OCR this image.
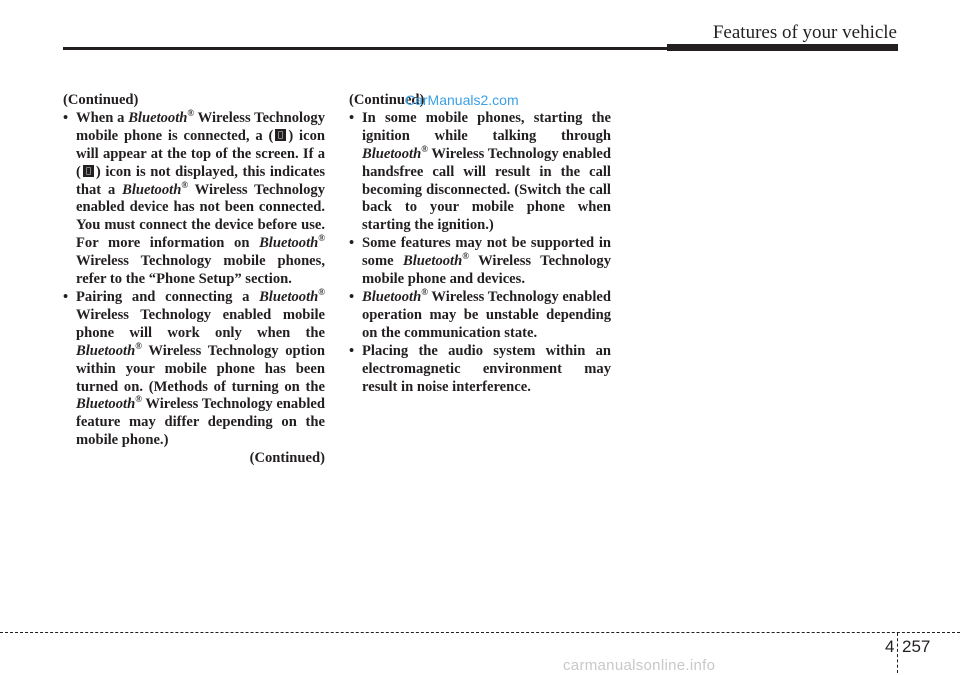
Features of your vehicle

(Continued)

• When a Bluetooth® Wireless Technology mobile phone is connected, a ( ) icon will appear at the top of the screen. If a ( ) icon is not displayed, this indicates that a Bluetooth® Wireless Technology enabled device has not been connected. You must connect the device before use. For more information on Bluetooth® Wireless Technology mobile phones, refer to the “Phone Setup” section.

• Pairing and connecting a Bluetooth® Wireless Technology enabled mobile phone will work only when the Bluetooth® Wireless Technology option within your mobile phone has been turned on. (Methods of turning on the Bluetooth® Wireless Technology enabled feature may differ depending on the mobile phone.)

(Continued)

(Continued)

• In some mobile phones, starting the ignition while talking through Bluetooth® Wireless Technology enabled handsfree call will result in the call becoming disconnected. (Switch the call back to your mobile phone when starting the ignition.)

• Some features may not be supported in some Bluetooth® Wireless Technology mobile phone and devices.

• Bluetooth® Wireless Technology enabled operation may be unstable depending on the communication state.

• Placing the audio system within an electromagnetic environment may result in noise interference.

CarManuals2.com
4 257
carmanualsonline.info
